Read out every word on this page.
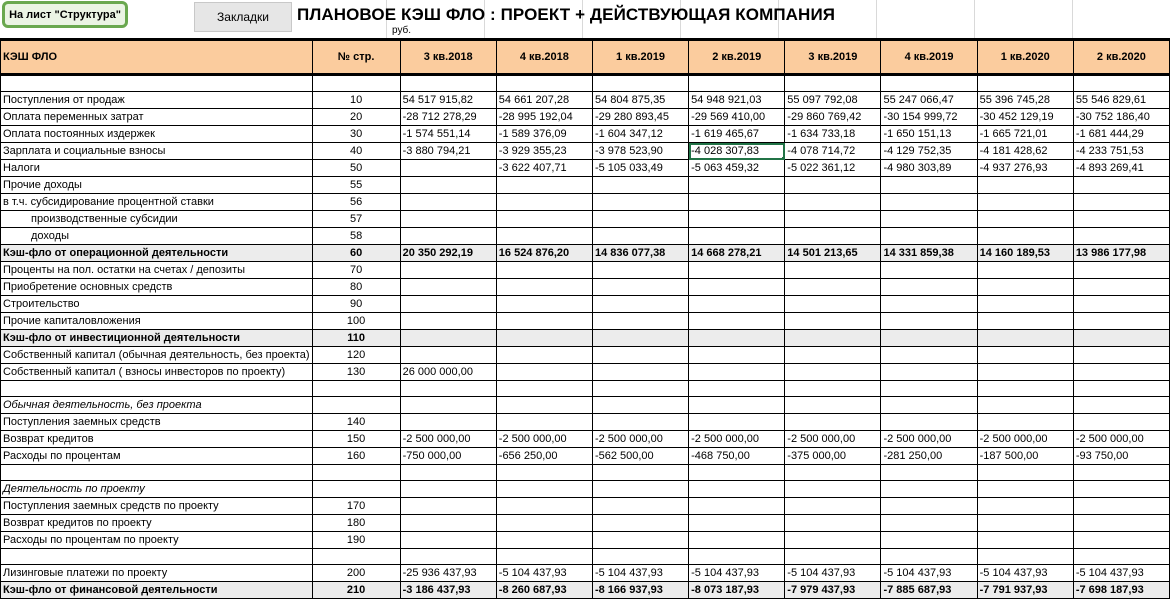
На лист "Структура"	Закладки	ПЛАНОВОЕ КЭШ ФЛО : ПРОЕКТ + ДЕЙСТВУЮЩАЯ КОМПАНИЯ
руб.
КЭШ ФЛО	№ стр.	3 кв.2018	4 кв.2018	1 кв.2019	2 кв.2019	3 кв.2019	4 кв.2019	1 кв.2020	2 кв.2020

Поступления от продаж	10	54 517 915,82	54 661 207,28	54 804 875,35	54 948 921,03	55 097 792,08	55 247 066,47	55 396 745,28	55 546 829,61
Оплата переменных затрат	20	-28 712 278,29	-28 995 192,04	-29 280 893,45	-29 569 410,00	-29 860 769,42	-30 154 999,72	-30 452 129,19	-30 752 186,40
Оплата постоянных издержек	30	-1 574 551,14	-1 589 376,09	-1 604 347,12	-1 619 465,67	-1 634 733,18	-1 650 151,13	-1 665 721,01	-1 681 444,29
Зарплата и социальные взносы	40	-3 880 794,21	-3 929 355,23	-3 978 523,90	-4 028 307,83	-4 078 714,72	-4 129 752,35	-4 181 428,62	-4 233 751,53
Налоги	50		-3 622 407,71	-5 105 033,49	-5 063 459,32	-5 022 361,12	-4 980 303,89	-4 937 276,93	-4 893 269,41
Прочие доходы	55								
в т.ч. субсидирование процентной ставки	56								
производственные субсидии	57								
доходы	58								
Кэш-фло от операционной деятельности	60	20 350 292,19	16 524 876,20	14 836 077,38	14 668 278,21	14 501 213,65	14 331 859,38	14 160 189,53	13 986 177,98
Проценты на пол. остатки на счетах / депозиты	70								
Приобретение основных средств	80								
Строительство	90								
Прочие капиталовложения	100								
Кэш-фло от инвестиционной деятельности	110								
Собственный капитал (обычная деятельность, без проекта)	120								
Собственный капитал ( взносы инвесторов по проекту)	130	26 000 000,00							

Обычная деятельность, без проекта									
Поступления заемных средств	140								
Возврат кредитов	150	-2 500 000,00	-2 500 000,00	-2 500 000,00	-2 500 000,00	-2 500 000,00	-2 500 000,00	-2 500 000,00	-2 500 000,00
Расходы по процентам	160	-750 000,00	-656 250,00	-562 500,00	-468 750,00	-375 000,00	-281 250,00	-187 500,00	-93 750,00

Деятельность по проекту									
Поступления заемных средств по проекту	170								
Возврат кредитов по проекту	180								
Расходы по процентам по проекту	190								

Лизинговые платежи по проекту	200	-25 936 437,93	-5 104 437,93	-5 104 437,93	-5 104 437,93	-5 104 437,93	-5 104 437,93	-5 104 437,93	-5 104 437,93
Кэш-фло от финансовой деятельности	210	-3 186 437,93	-8 260 687,93	-8 166 937,93	-8 073 187,93	-7 979 437,93	-7 885 687,93	-7 791 937,93	-7 698 187,93
